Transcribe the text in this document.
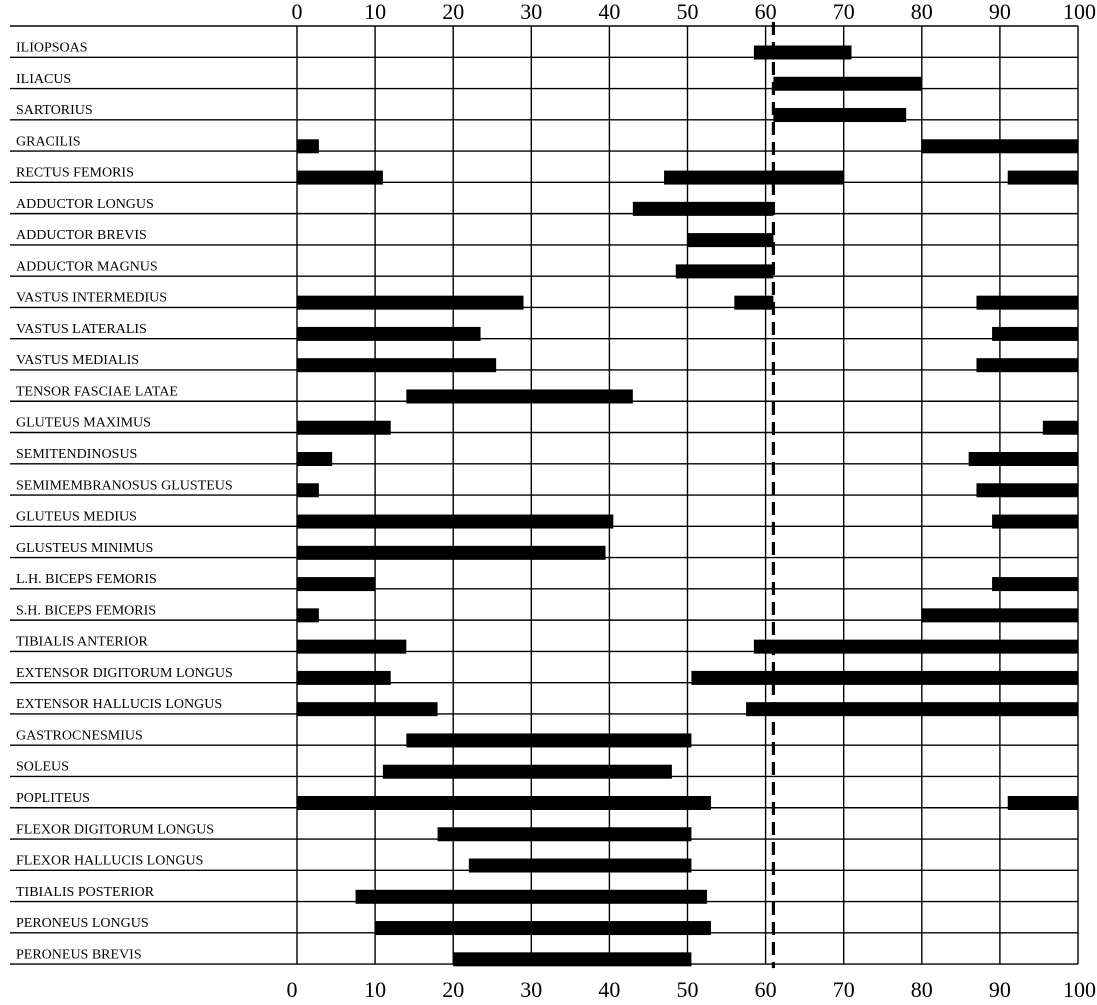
ILIOPSOAS
ILIACUS
SARTORIUS
GRACILIS
RECTUS FEMORIS
ADDUCTOR LONGUS
ADDUCTOR BREVIS
ADDUCTOR MAGNUS
VASTUS INTERMEDIUS
VASTUS LATERALIS
VASTUS MEDIALIS
TENSOR FASCIAE LATAE
GLUTEUS MAXIMUS
SEMITENDINOSUS
SEMIMEMBRANOSUS GLUSTEUS
GLUTEUS MEDIUS
GLUSTEUS MINIMUS
L.H. BICEPS FEMORIS
S.H. BICEPS FEMORIS
TIBIALIS ANTERIOR
EXTENSOR DIGITORUM LONGUS
EXTENSOR HALLUCIS LONGUS
GASTROCNESMIUS
SOLEUS
POPLITEUS
FLEXOR DIGITORUM LONGUS
FLEXOR HALLUCIS LONGUS
TIBIALIS POSTERIOR
PERONEUS LONGUS
PERONEUS BREVIS
0	10	20	30	40	50	60	70	80	90 100
0	10	20	30	40	50	60	70	80	90 100
